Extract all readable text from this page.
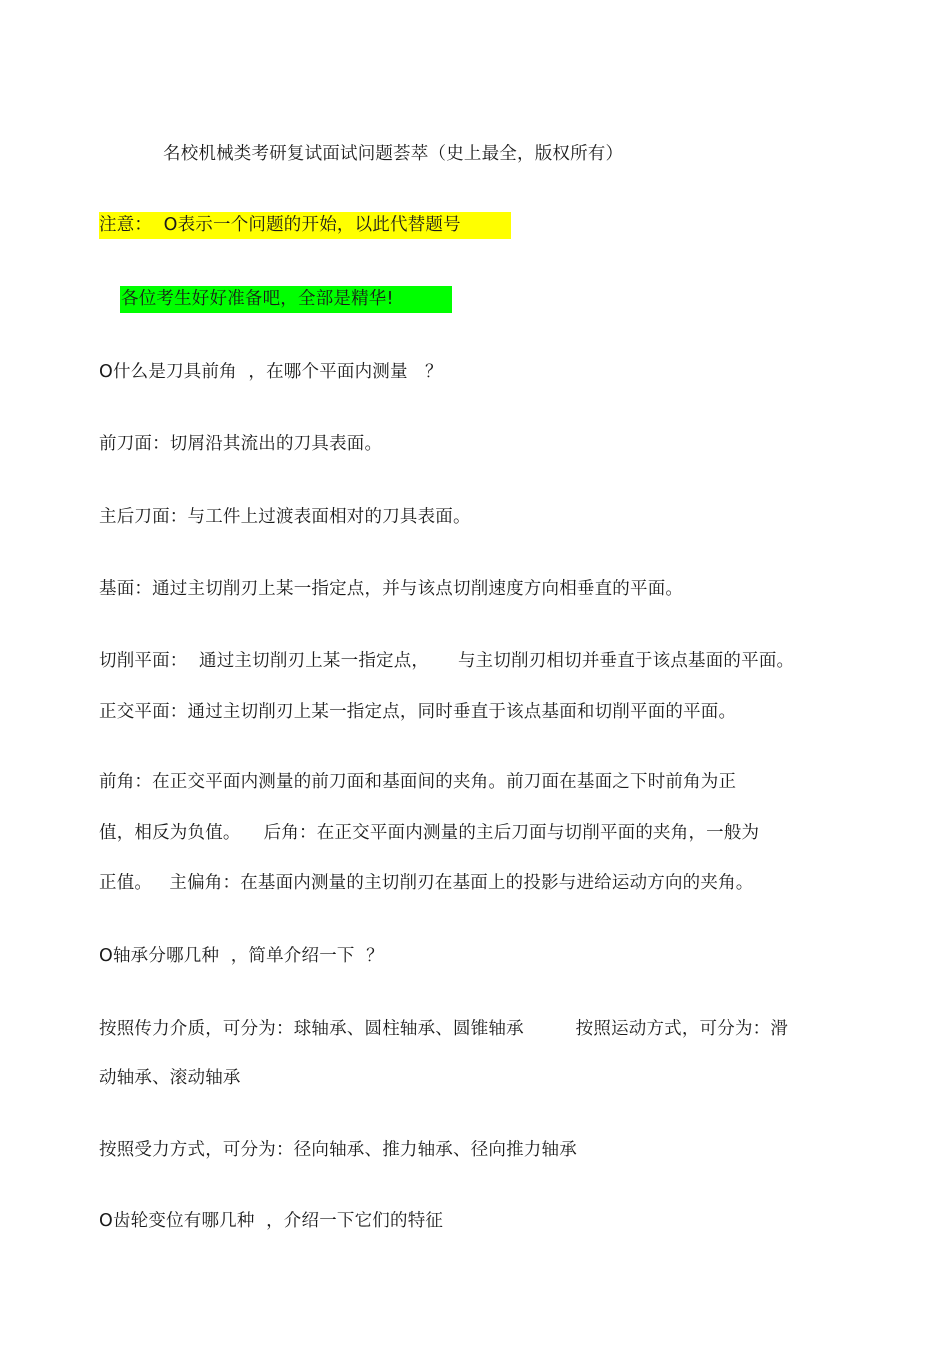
名校机械类考研复试面试问题荟萃（史上最全，版权所有）
注意：  O表示一个问题的开始，以此代替题号
各位考生好好准备吧，全部是精华!
O什么是刀具前角  ，在哪个平面内测量   ？
前刀面：切屑沿其流出的刀具表面。
主后刀面：与工件上过渡表面相对的刀具表面。
基面：通过主切削刃上某一指定点，并与该点切削速度方向相垂直的平面。
切削平面：  通过主切削刃上某一指定点，     与主切削刃相切并垂直于该点基面的平面。
正交平面：通过主切削刃上某一指定点，同时垂直于该点基面和切削平面的平面。
前角：在正交平面内测量的前刀面和基面间的夹角。前刀面在基面之下时前角为正
值，相反为负值。    后角：在正交平面内测量的主后刀面与切削平面的夹角，一般为
正值。   主偏角：在基面内测量的主切削刃在基面上的投影与进给运动方向的夹角。
O轴承分哪几种  ，简单介绍一下  ？
按照传力介质，可分为：球轴承、圆柱轴承、圆锥轴承         按照运动方式，可分为：滑
动轴承、滚动轴承
按照受力方式，可分为：径向轴承、推力轴承、径向推力轴承
O齿轮变位有哪几种  ，介绍一下它们的特征
